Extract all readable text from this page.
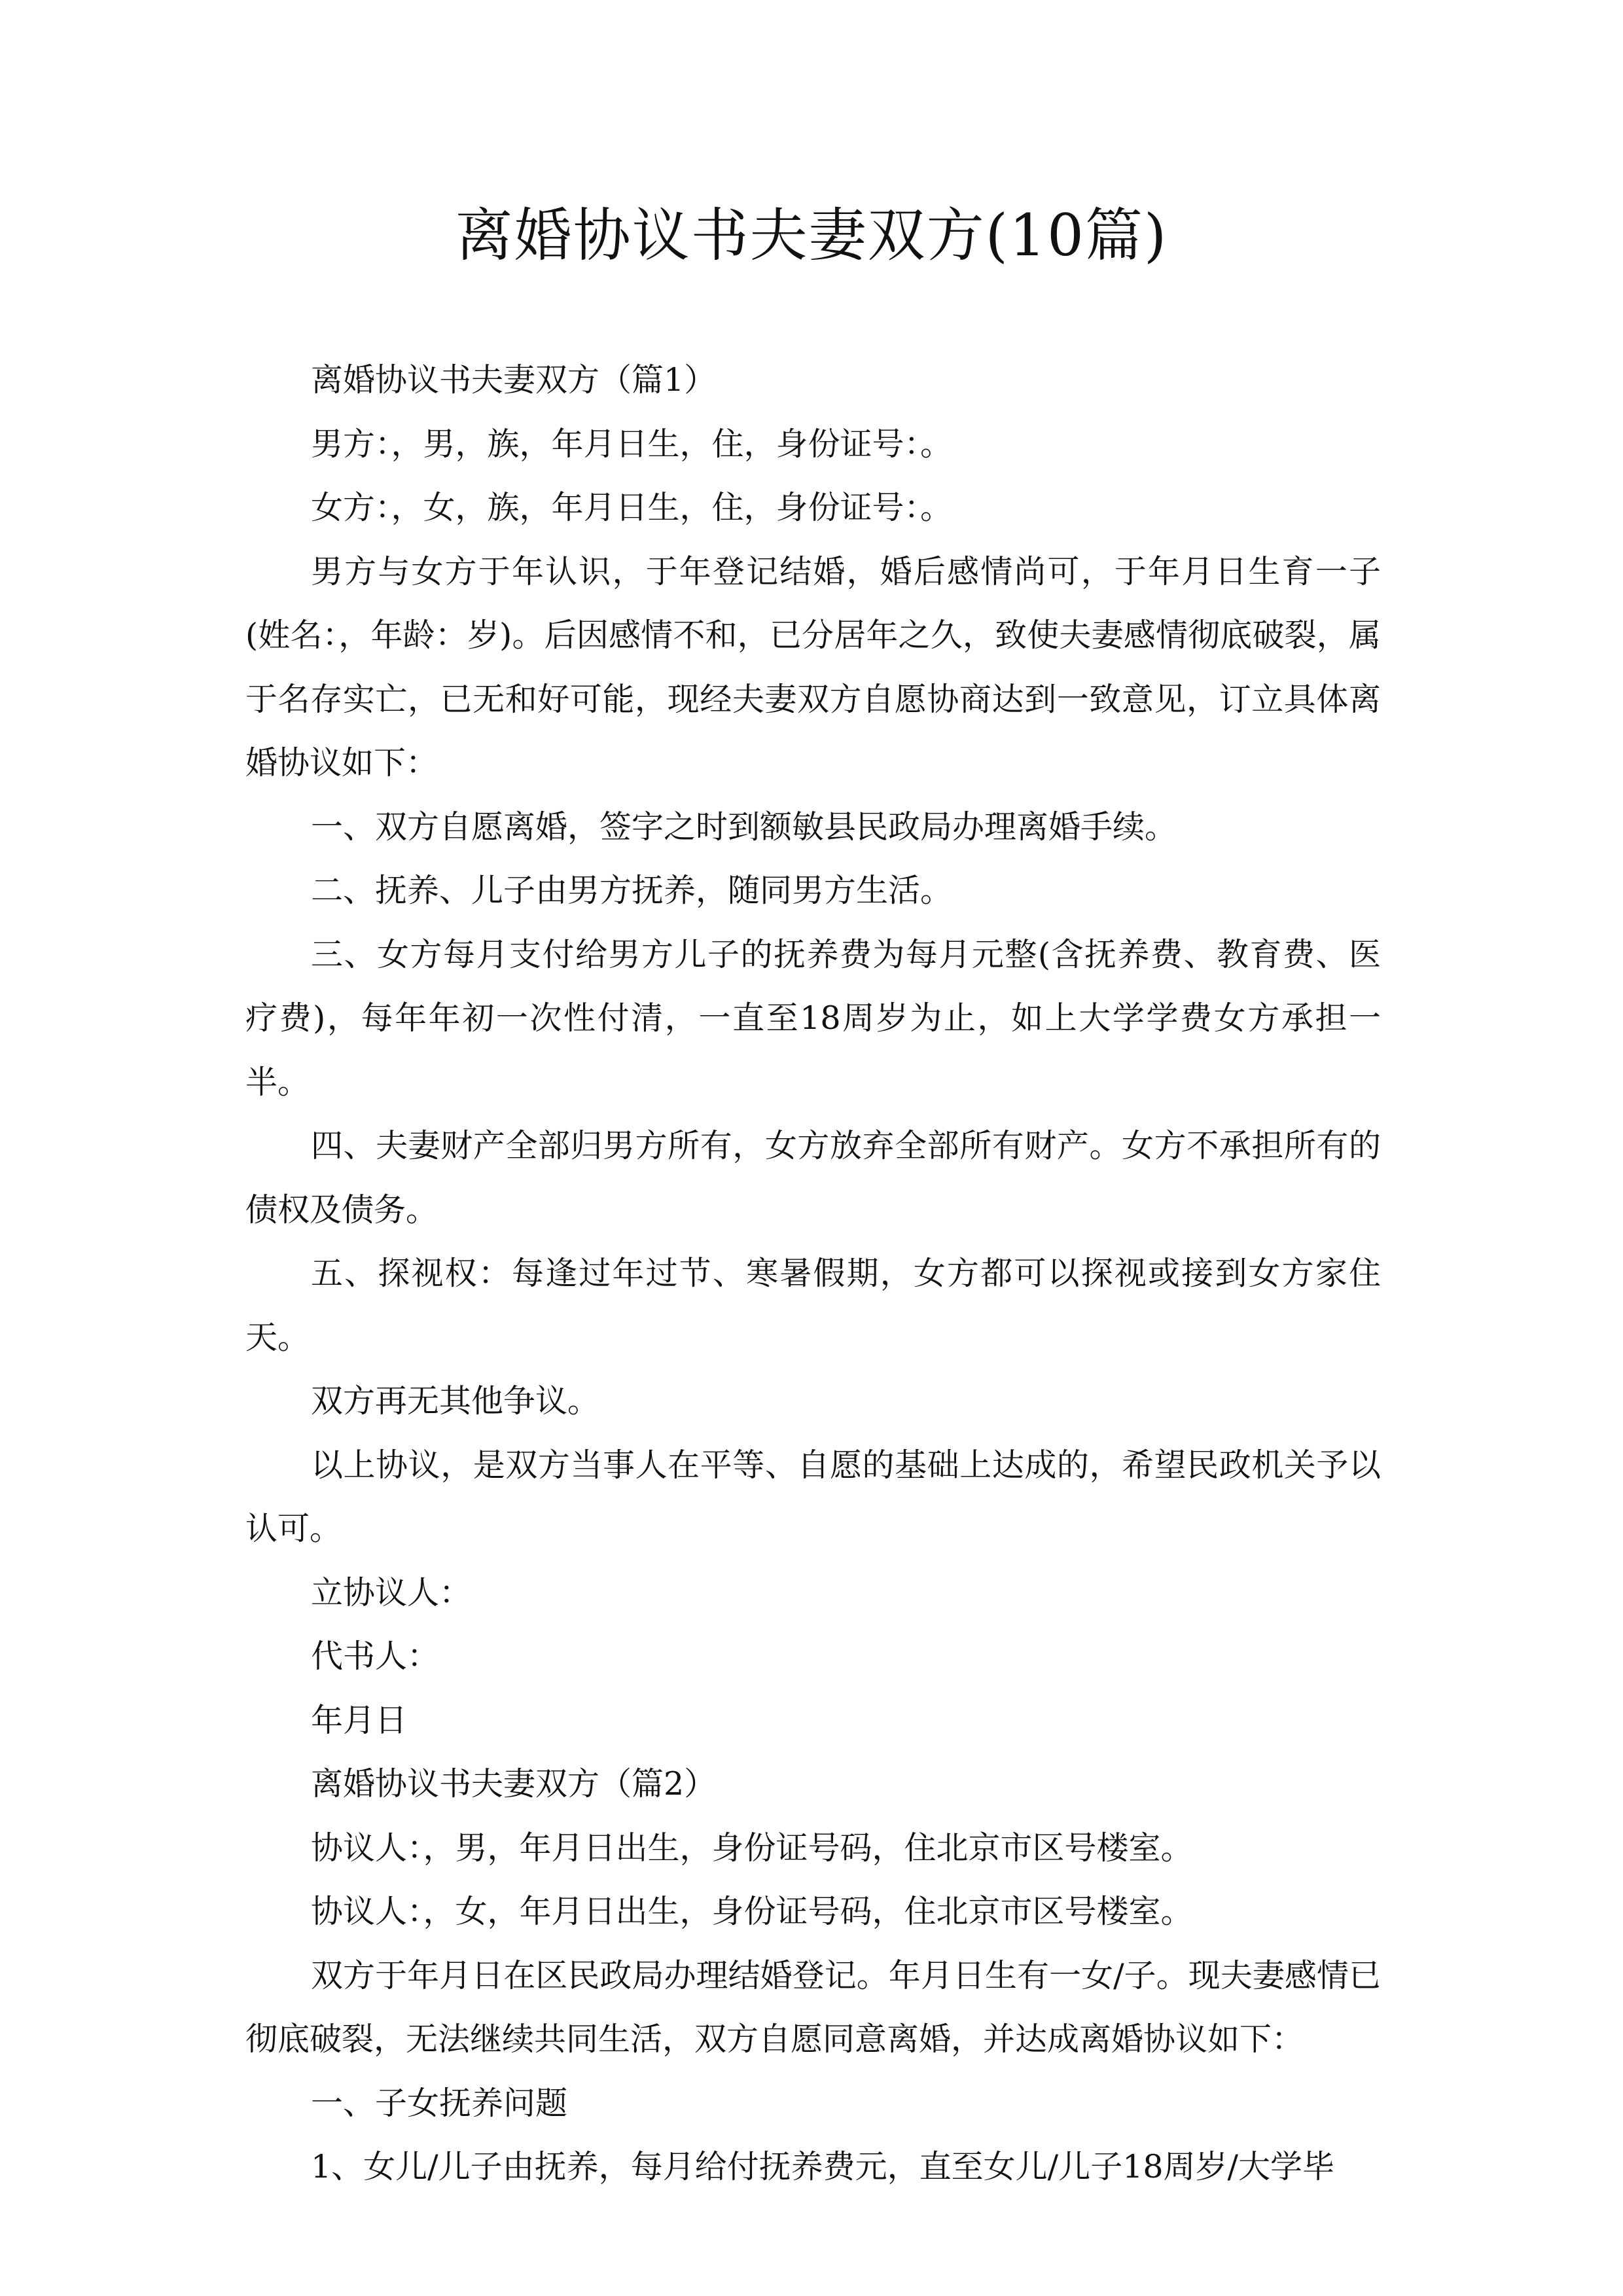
离婚协议书夫妻双方(10篇)

离婚协议书夫妻双方（篇1）

男方：，男，族，年月日生，住，身份证号：。

女方：，女，族，年月日生，住，身份证号：。

男方与女方于年认识，于年登记结婚，婚后感情尚可，于年月日生育一子(姓名：，年龄：岁)。后因感情不和，已分居年之久，致使夫妻感情彻底破裂，属于名存实亡，已无和好可能，现经夫妻双方自愿协商达到一致意见，订立具体离婚协议如下：

一、双方自愿离婚，签字之时到额敏县民政局办理离婚手续。

二、抚养、儿子由男方抚养，随同男方生活。

三、女方每月支付给男方儿子的抚养费为每月元整(含抚养费、教育费、医疗费)，每年年初一次性付清，一直至18周岁为止，如上大学学费女方承担一半。

四、夫妻财产全部归男方所有，女方放弃全部所有财产。女方不承担所有的债权及债务。

五、探视权：每逢过年过节、寒暑假期，女方都可以探视或接到女方家住天。

双方再无其他争议。

以上协议，是双方当事人在平等、自愿的基础上达成的，希望民政机关予以认可。

立协议人：

代书人：

年月日

离婚协议书夫妻双方（篇2）

协议人：，男，年月日出生，身份证号码，住北京市区号楼室。

协议人：，女，年月日出生，身份证号码，住北京市区号楼室。

双方于年月日在区民政局办理结婚登记。年月日生有一女/子。现夫妻感情已彻底破裂，无法继续共同生活，双方自愿同意离婚，并达成离婚协议如下：

一、子女抚养问题

1、女儿/儿子由抚养，每月给付抚养费元，直至女儿/儿子18周岁/大学毕
